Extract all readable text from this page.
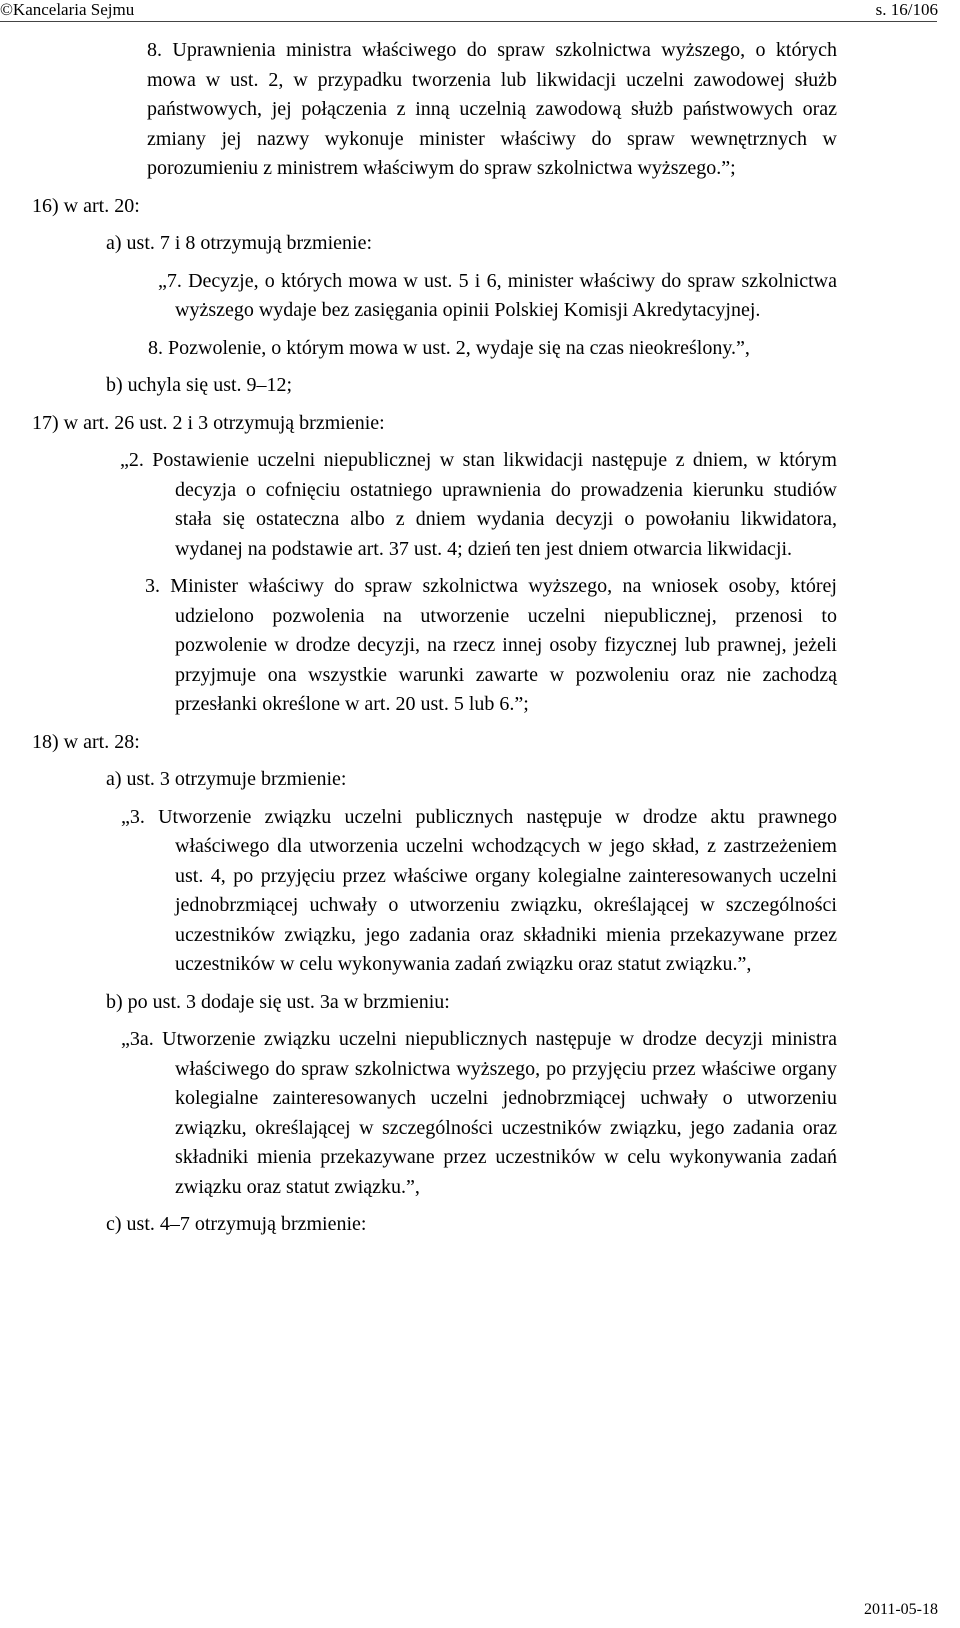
©Kancelaria Sejmu	s. 16/106

8. Uprawnienia ministra właściwego do spraw szkolnictwa wyższego, o których mowa w ust. 2, w przypadku tworzenia lub likwidacji uczelni zawodowej służb państwowych, jej połączenia z inną uczelnią zawodową służb państwowych oraz zmiany jej nazwy wykonuje minister właściwy do spraw wewnętrznych w porozumieniu z ministrem właściwym do spraw szkolnictwa wyższego.”;

16) w art. 20:

a) ust. 7 i 8 otrzymują brzmienie:

„7. Decyzje, o których mowa w ust. 5 i 6, minister właściwy do spraw szkolnictwa wyższego wydaje bez zasięgania opinii Polskiej Komisji Akredytacyjnej.

8. Pozwolenie, o którym mowa w ust. 2, wydaje się na czas nieokreślony.”,

b) uchyla się ust. 9–12;

17) w art. 26 ust. 2 i 3 otrzymują brzmienie:

„2. Postawienie uczelni niepublicznej w stan likwidacji następuje z dniem, w którym decyzja o cofnięciu ostatniego uprawnienia do prowadzenia kierunku studiów stała się ostateczna albo z dniem wydania decyzji o powołaniu likwidatora, wydanej na podstawie art. 37 ust. 4; dzień ten jest dniem otwarcia likwidacji.

3. Minister właściwy do spraw szkolnictwa wyższego, na wniosek osoby, której udzielono pozwolenia na utworzenie uczelni niepublicznej, przenosi to pozwolenie w drodze decyzji, na rzecz innej osoby fizycznej lub prawnej, jeżeli przyjmuje ona wszystkie warunki zawarte w pozwoleniu oraz nie zachodzą przesłanki określone w art. 20 ust. 5 lub 6.”;

18) w art. 28:

a) ust. 3 otrzymuje brzmienie:

„3. Utworzenie związku uczelni publicznych następuje w drodze aktu prawnego właściwego dla utworzenia uczelni wchodzących w jego skład, z zastrzeżeniem ust. 4, po przyjęciu przez właściwe organy kolegialne zainteresowanych uczelni jednobrzmiącej uchwały o utworzeniu związku, określającej w szczególności uczestników związku, jego zadania oraz składniki mienia przekazywane przez uczestników w celu wykonywania zadań związku oraz statut związku.”,

b) po ust. 3 dodaje się ust. 3a w brzmieniu:

„3a. Utworzenie związku uczelni niepublicznych następuje w drodze decyzji ministra właściwego do spraw szkolnictwa wyższego, po przyjęciu przez właściwe organy kolegialne zainteresowanych uczelni jednobrzmiącej uchwały o utworzeniu związku, określającej w szczególności uczestników związku, jego zadania oraz składniki mienia przekazywane przez uczestników w celu wykonywania zadań związku oraz statut związku.”,

c) ust. 4–7 otrzymują brzmienie:

2011-05-18
